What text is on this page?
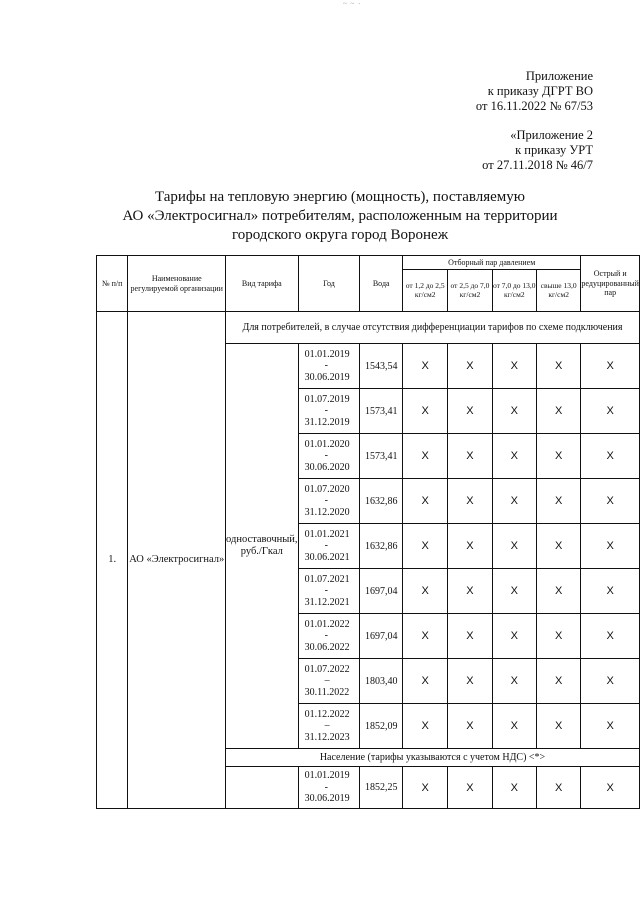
~ ~ ·
Приложение
к приказу ДГРТ ВО
от 16.11.2022 № 67/53
«Приложение 2
к приказу УРТ
от 27.11.2018 № 46/7
Тарифы на тепловую энергию (мощность), поставляемую
АО «Электросигнал» потребителям, расположенным на территории
городского округа город Воронеж
№ п/п	Наименование регулируемой организации	Вид тарифа	Год	Вода	Отборный пар давлением				Острый и редуцированный пар
					от 1,2 до 2,5 кг/см2	от 2,5 до 7,0 кг/см2	от 7,0 до 13,0 кг/см2	свыше 13,0 кг/см2	
1.	АО «Электросигнал»	Для потребителей, в случае отсутствия дифференциации тарифов по схеме подключения							
		одноставочный, руб./Гкал	01.01.2019
-
30.06.2019	1543,54	X	X	X	X	X

			01.07.2019
-
31.12.2019	1573,41	X	X	X	X	X

			01.01.2020
-
30.06.2020	1573,41	X	X	X	X	X

			01.07.2020
-
31.12.2020	1632,86	X	X	X	X	X

			01.01.2021
-
30.06.2021	1632,86	X	X	X	X	X

			01.07.2021
-
31.12.2021	1697,04	X	X	X	X	X

			01.01.2022
-
30.06.2022	1697,04	X	X	X	X	X

			01.07.2022
–
30.11.2022	1803,40	X	X	X	X	X

			01.12.2022
–
31.12.2023	1852,09	X	X	X	X	X
		Население (тарифы указываются с учетом НДС) <*>							

			01.01.2019
-
30.06.2019	1852,25	X	X	X	X	X
